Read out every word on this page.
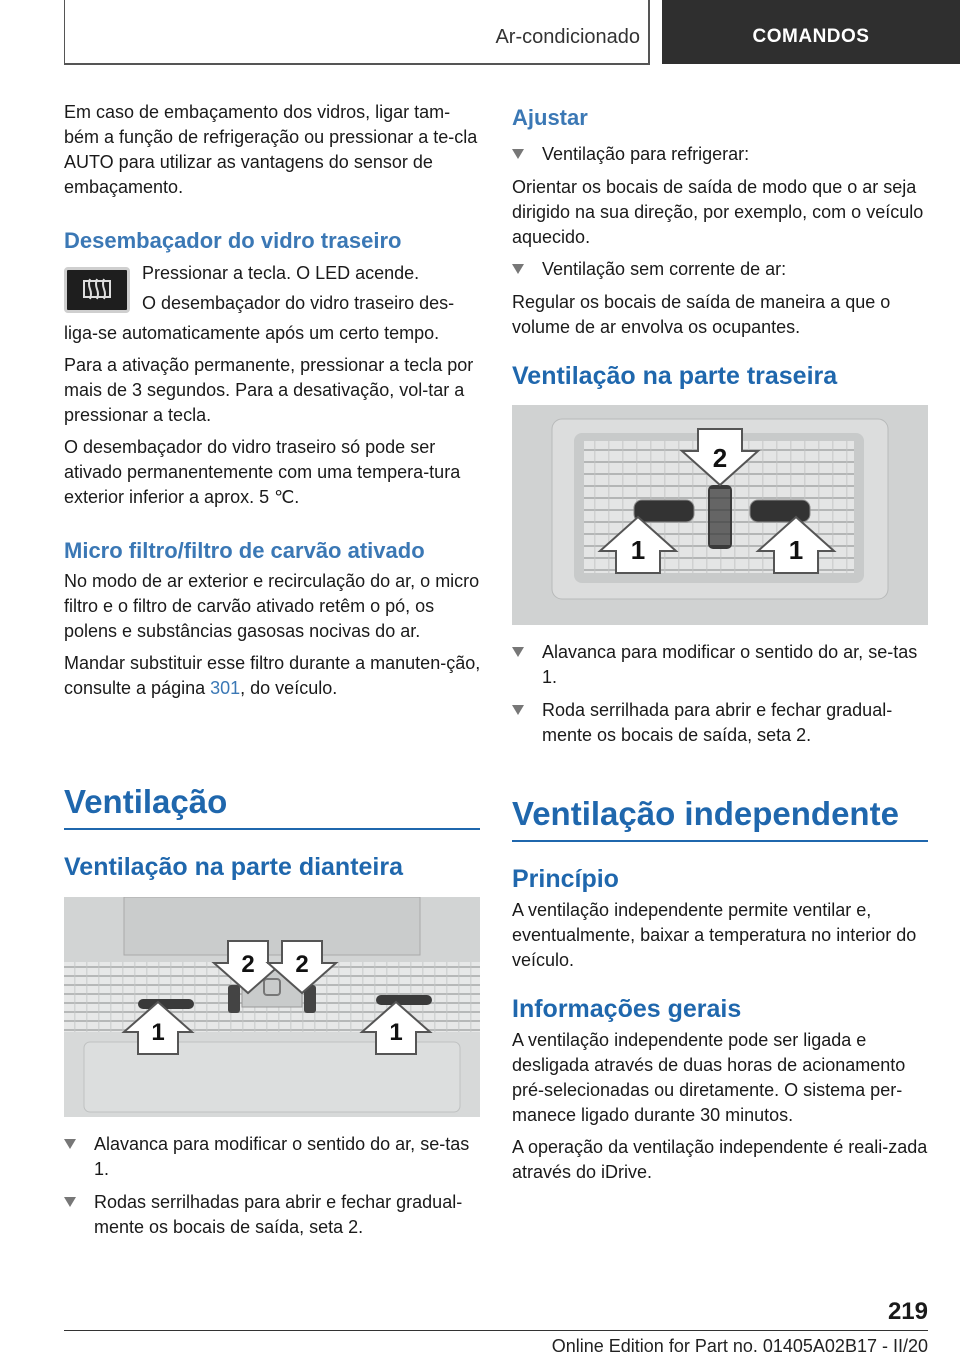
Ar-condicionado	COMANDOS

Em caso de embaçamento dos vidros, ligar tam-bém a função de refrigeração ou pressionar a te-cla AUTO para utilizar as vantagens do sensor de embaçamento.

Desembaçador do vidro traseiro

Pressionar a tecla. O LED acende.

O desembaçador do vidro traseiro des-

liga-se automaticamente após um certo tempo.

Para a ativação permanente, pressionar a tecla por mais de 3 segundos. Para a desativação, vol-tar a pressionar a tecla.

O desembaçador do vidro traseiro só pode ser ativado permanentemente com uma tempera-tura exterior inferior a aprox. 5 ℃.

Micro filtro/filtro de carvão ativado

No modo de ar exterior e recirculação do ar, o micro filtro e o filtro de carvão ativado retêm o pó, os polens e substâncias gasosas nocivas do ar.

Mandar substituir esse filtro durante a manuten-ção, consulte a página 301, do veículo.

Ventilação
Ventilação na parte dianteira
2 2
1	1
Alavanca para modificar o sentido do ar, se-tas 1.
Rodas serrilhadas para abrir e fechar gradual-mente os bocais de saída, seta 2.
Ajustar
Ventilação para refrigerar:

Orientar os bocais de saída de modo que o ar seja dirigido na sua direção, por exemplo, com o veículo aquecido.

Ventilação sem corrente de ar:

Regular os bocais de saída de maneira a que o volume de ar envolva os ocupantes.

Ventilação na parte traseira
2
1	1
Alavanca para modificar o sentido do ar, se-tas 1.
Roda serrilhada para abrir e fechar gradual-mente os bocais de saída, seta 2.
Ventilação independente
Princípio

A ventilação independente permite ventilar e, eventualmente, baixar a temperatura no interior do veículo.

Informações gerais

A ventilação independente pode ser ligada e desligada através de duas horas de acionamento pré-selecionadas ou diretamente. O sistema per-manece ligado durante 30 minutos.

A operação da ventilação independente é reali-zada através do iDrive.

219
Online Edition for Part no. 01405A02B17 - II/20
